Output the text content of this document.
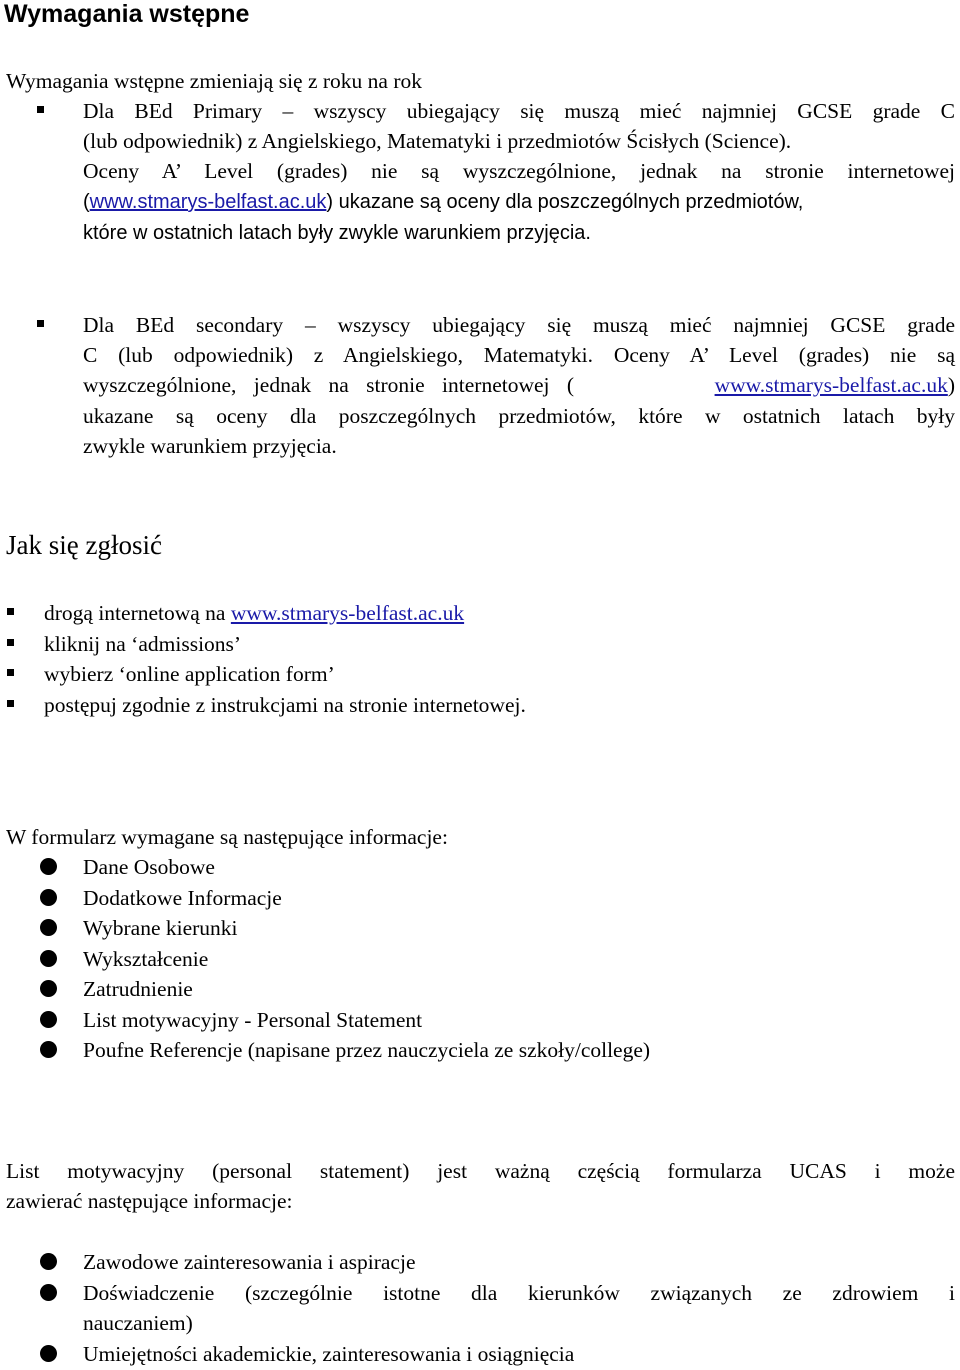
Wymagania wstępne
Wymagania wstępne zmieniają się z roku na rok
Dla BEd Primary – wszyscy ubiegający się muszą mieć najmniej GCSE grade C
(lub odpowiednik) z Angielskiego, Matematyki i przedmiotów Ścisłych (Science).
Oceny A’ Level (grades) nie są wyszczególnione, jednak na stronie internetowej
(www.stmarys-belfast.ac.uk) ukazane są oceny dla poszczególnych przedmiotów,
które w ostatnich latach były zwykle warunkiem przyjęcia.
Dla BEd secondary – wszyscy ubiegający się muszą mieć najmniej GCSE grade
C (lub odpowiednik) z Angielskiego, Matematyki. Oceny A’ Level (grades) nie są
wyszczególnione, jednak na stronie internetowej (	www.stmarys-belfast.ac.uk)
ukazane są oceny dla poszczególnych przedmiotów, które w ostatnich latach były
zwykle warunkiem przyjęcia.
Jak się zgłosić
drogą internetową na www.stmarys-belfast.ac.uk
kliknij na ‘admissions’
wybierz ‘online application form’
postępuj zgodnie z instrukcjami na stronie internetowej.
W formularz wymagane są następujące informacje:
Dane Osobowe
Dodatkowe Informacje
Wybrane kierunki
Wykształcenie
Zatrudnienie
List motywacyjny - Personal Statement
Poufne Referencje (napisane przez nauczyciela ze szkoły/college)
List motywacyjny (personal statement) jest ważną częścią formularza UCAS i może
zawierać następujące informacje:
Zawodowe zainteresowania i aspiracje
Doświadczenie (szczególnie istotne dla kierunków związanych ze zdrowiem i
nauczaniem)
Umiejętności akademickie, zainteresowania i osiągnięcia
